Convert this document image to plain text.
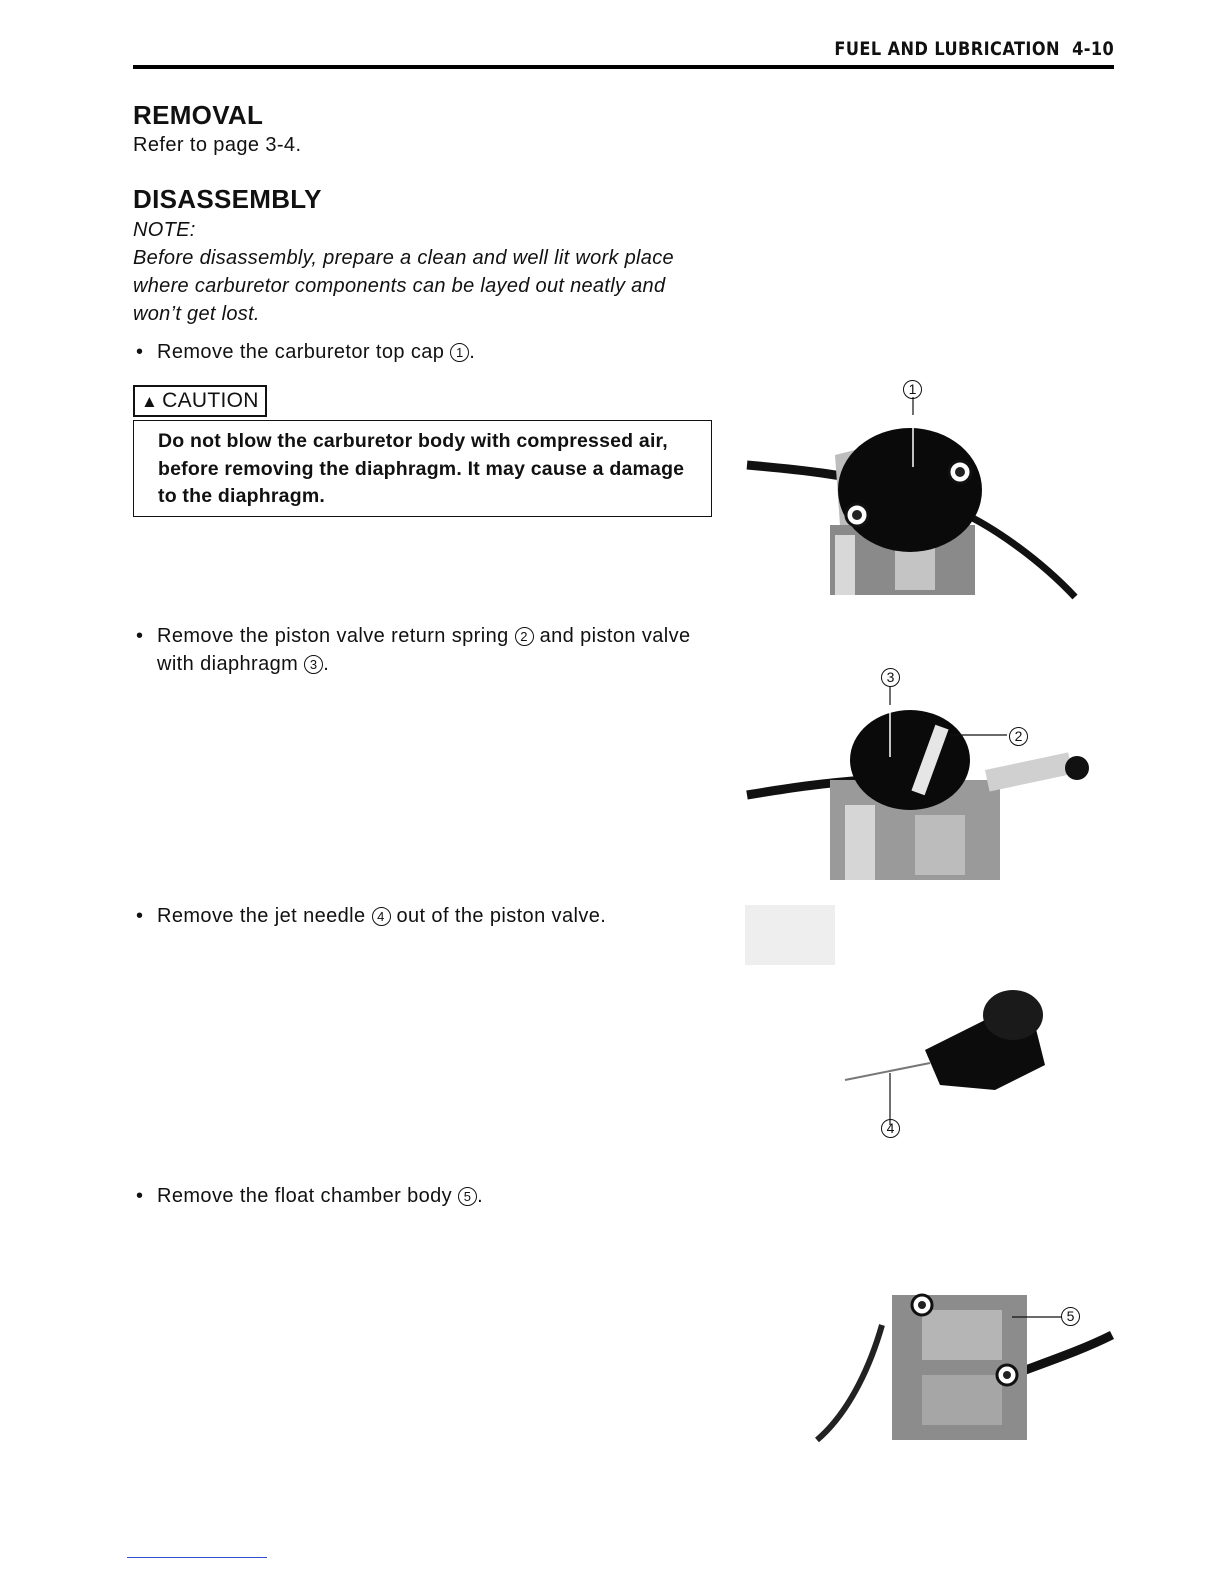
FUEL AND LUBRICATION 4-10
REMOVAL
Refer to page 3-4.
DISASSEMBLY
NOTE:
Before disassembly, prepare a clean and well lit work place
where carburetor components can be layed out neatly and
won’t get lost.
• Remove the carburetor top cap 1 .
▲ CAUTION
Do not blow the carburetor body with compressed air,
before removing the diaphragm. It may cause a damage
to the diaphragm.
• Remove the piston valve return spring 2 and piston valve
with diaphragm 3 .
• Remove the jet needle 4 out of the piston valve.
• Remove the float chamber body 5 .
1
3
2
4
5
